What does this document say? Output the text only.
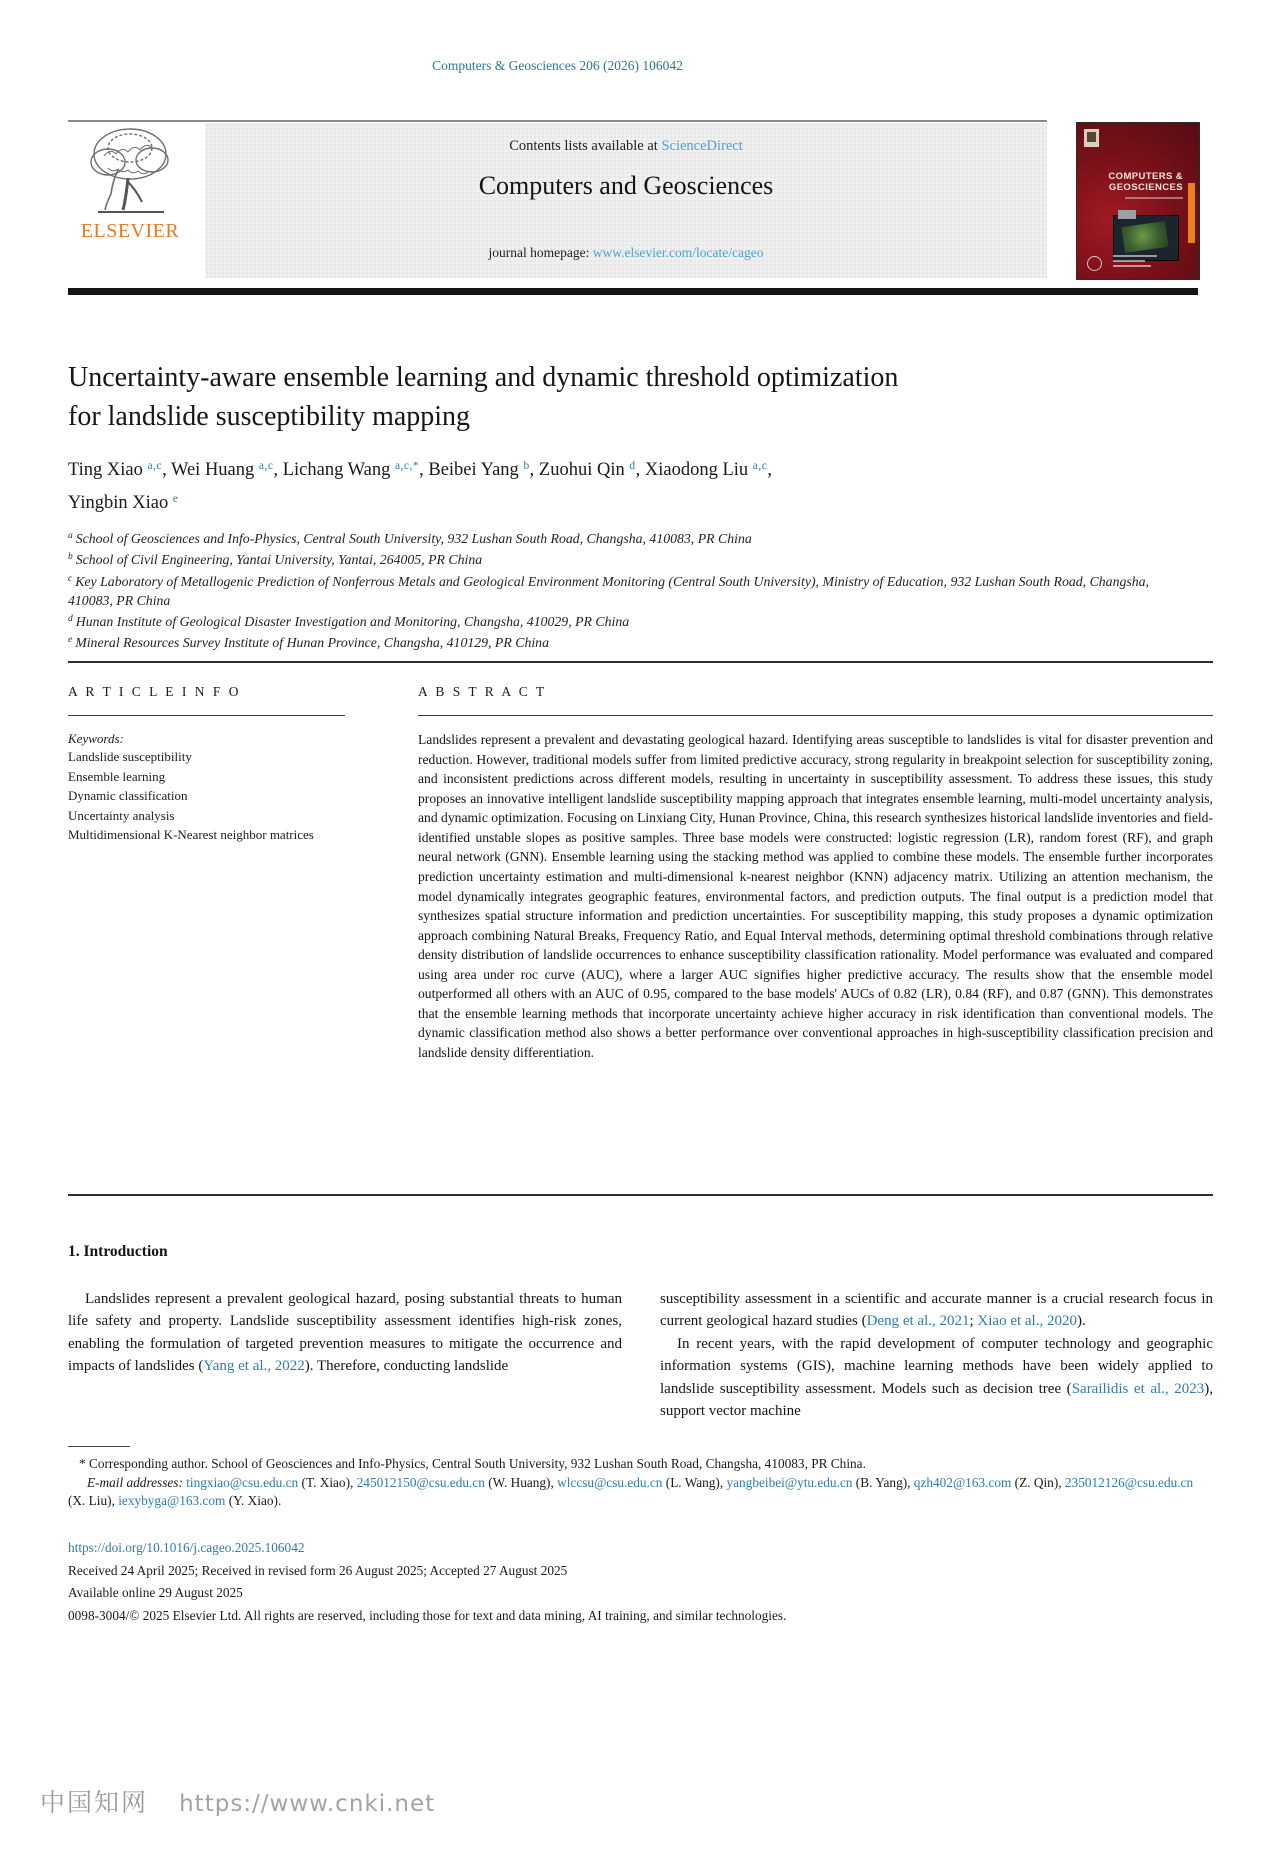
Computers & Geosciences 206 (2026) 106042
ELSEVIER
Contents lists available at ScienceDirect
Computers and Geosciences
journal homepage: www.elsevier.com/locate/cageo
COMPUTERS &
GEOSCIENCES
Uncertainty-aware ensemble learning and dynamic threshold optimization
for landslide susceptibility mapping
Ting Xiao $^{a,c}$, Wei Huang $^{a,c}$, Lichang Wang $^{a,c,*}$, Beibei Yang $^b$, Zuohui Qin $^d$, Xiaodong Liu $^{a,c}$,
Yingbin Xiao $^e$
$^a$ School of Geosciences and Info-Physics, Central South University, 932 Lushan South Road, Changsha, 410083, PR China
$^b$ School of Civil Engineering, Yantai University, Yantai, 264005, PR China
$^c$ Key Laboratory of Metallogenic Prediction of Nonferrous Metals and Geological Environment Monitoring (Central South University), Ministry of Education, 932 Lushan South Road, Changsha, 410083, PR China
$^d$ Hunan Institute of Geological Disaster Investigation and Monitoring, Changsha, 410029, PR China
$^e$ Mineral Resources Survey Institute of Hunan Province, Changsha, 410129, PR China
A R T I C L E I N F O
Keywords:
Landslide susceptibility
Ensemble learning
Dynamic classification
Uncertainty analysis
Multidimensional K-Nearest neighbor matrices
A B S T R A C T

Landslides represent a prevalent and devastating geological hazard. Identifying areas susceptible to landslides is vital for disaster prevention and reduction. However, traditional models suffer from limited predictive accuracy, strong regularity in breakpoint selection for susceptibility zoning, and inconsistent predictions across different models, resulting in uncertainty in susceptibility assessment. To address these issues, this study proposes an innovative intelligent landslide susceptibility mapping approach that integrates ensemble learning, multi-model uncertainty analysis, and dynamic optimization. Focusing on Linxiang City, Hunan Province, China, this research synthesizes historical landslide inventories and field-identified unstable slopes as positive samples. Three base models were constructed: logistic regression (LR), random forest (RF), and graph neural network (GNN). Ensemble learning using the stacking method was applied to combine these models. The ensemble further incorporates prediction uncertainty estimation and multi-dimensional k-nearest neighbor (KNN) adjacency matrix. Utilizing an attention mechanism, the model dynamically integrates geographic features, environmental factors, and prediction outputs. The final output is a prediction model that synthesizes spatial structure information and prediction uncertainties. For susceptibility mapping, this study proposes a dynamic optimization approach combining Natural Breaks, Frequency Ratio, and Equal Interval methods, determining optimal threshold combinations through relative density distribution of landslide occurrences to enhance susceptibility classification rationality. Model performance was evaluated and compared using area under roc curve (AUC), where a larger AUC signifies higher predictive accuracy. The results show that the ensemble model outperformed all others with an AUC of 0.95, compared to the base models' AUCs of 0.82 (LR), 0.84 (RF), and 0.87 (GNN). This demonstrates that the ensemble learning methods that incorporate uncertainty achieve higher accuracy in risk identification than conventional models. The dynamic classification method also shows a better performance over conventional approaches in high-susceptibility classification precision and landslide density differentiation.

1. Introduction

Landslides represent a prevalent geological hazard, posing substantial threats to human life safety and property. Landslide susceptibility assessment identifies high-risk zones, enabling the formulation of targeted prevention measures to mitigate the occurrence and impacts of landslides (Yang et al., 2022). Therefore, conducting landslide

susceptibility assessment in a scientific and accurate manner is a crucial research focus in current geological hazard studies (Deng et al., 2021; Xiao et al., 2020).

In recent years, with the rapid development of computer technology and geographic information systems (GIS), machine learning methods have been widely applied to landslide susceptibility assessment. Models such as decision tree (Sarailidis et al., 2023), support vector machine

* Corresponding author. School of Geosciences and Info-Physics, Central South University, 932 Lushan South Road, Changsha, 410083, PR China.

E-mail addresses: tingxiao@csu.edu.cn (T. Xiao), 245012150@csu.edu.cn (W. Huang), wlccsu@csu.edu.cn (L. Wang), yangbeibei@ytu.edu.cn (B. Yang), qzh402@163.com (Z. Qin), 235012126@csu.edu.cn (X. Liu), iexybyga@163.com (Y. Xiao).

https://doi.org/10.1016/j.cageo.2025.106042
Received 24 April 2025; Received in revised form 26 August 2025; Accepted 27 August 2025
Available online 29 August 2025
0098-3004/© 2025 Elsevier Ltd. All rights are reserved, including those for text and data mining, AI training, and similar technologies.
中国知网 https://www.cnki.net
